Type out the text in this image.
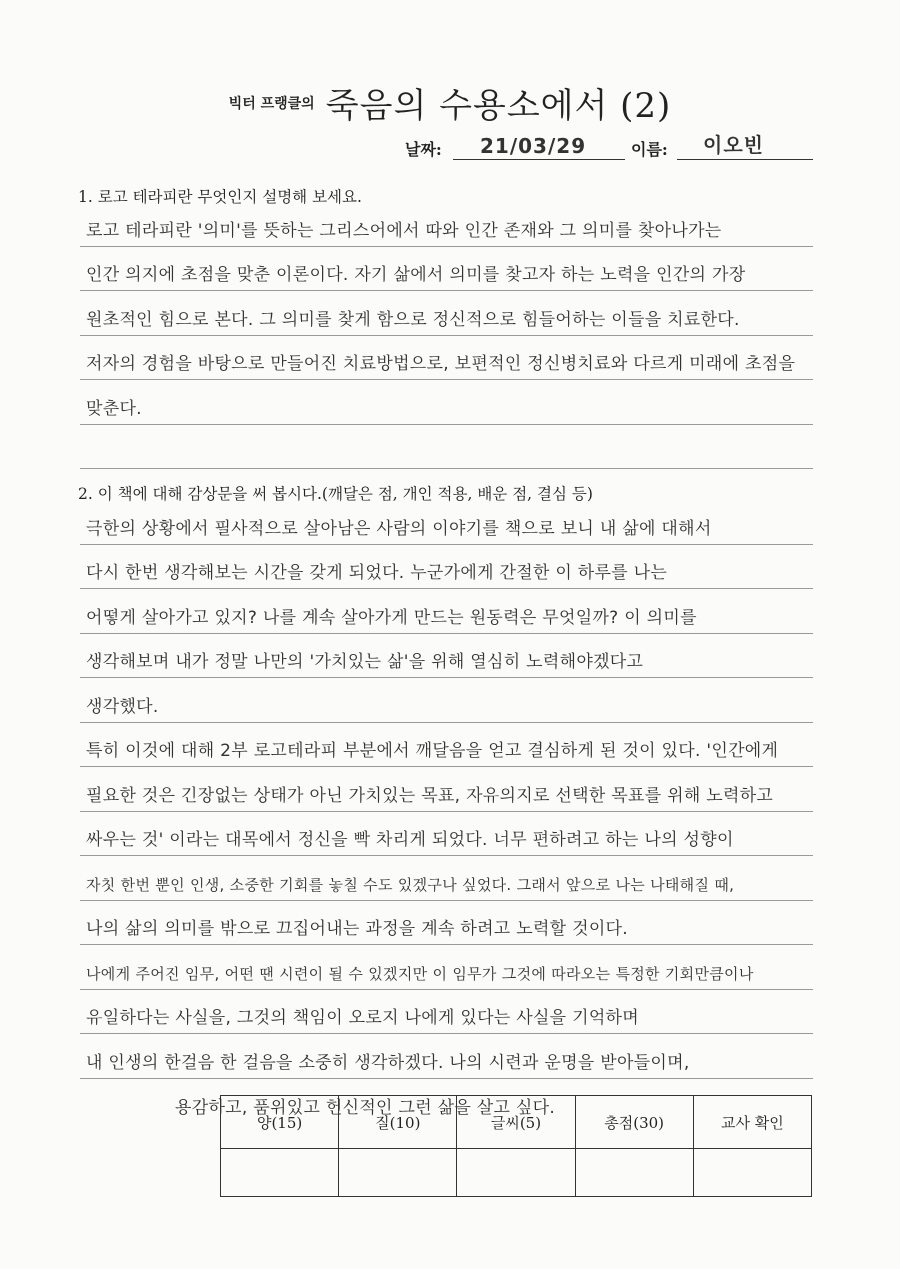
빅터 프랭클의 죽음의 수용소에서 (2)
날짜: 21/03/29	이름: 이오빈
1. 로고 테라피란 무엇인지 설명해 보세요.
로고 테라피란 '의미'를 뜻하는 그리스어에서 따와 인간 존재와 그 의미를 찾아나가는
인간 의지에 초점을 맞춘 이론이다. 자기 삶에서 의미를 찾고자 하는 노력을 인간의 가장
원초적인 힘으로 본다. 그 의미를 찾게 함으로 정신적으로 힘들어하는 이들을 치료한다.
저자의 경험을 바탕으로 만들어진 치료방법으로, 보편적인 정신병치료와 다르게 미래에 초점을
맞춘다.
2. 이 책에 대해 감상문을 써 봅시다.(깨달은 점, 개인 적용, 배운 점, 결심 등)
극한의 상황에서 필사적으로 살아남은 사람의 이야기를 책으로 보니 내 삶에 대해서
다시 한번 생각해보는 시간을 갖게 되었다. 누군가에게 간절한 이 하루를 나는
어떻게 살아가고 있지? 나를 계속 살아가게 만드는 원동력은 무엇일까? 이 의미를
생각해보며 내가 정말 나만의 '가치있는 삶'을 위해 열심히 노력해야겠다고
생각했다.
특히 이것에 대해 2부 로고테라피 부분에서 깨달음을 얻고 결심하게 된 것이 있다. '인간에게
필요한 것은 긴장없는 상태가 아닌 가치있는 목표, 자유의지로 선택한 목표를 위해 노력하고
싸우는 것' 이라는 대목에서 정신을 빡 차리게 되었다. 너무 편하려고 하는 나의 성향이
자칫 한번 뿐인 인생, 소중한 기회를 놓칠 수도 있겠구나 싶었다. 그래서 앞으로 나는 나태해질 때,
나의 삶의 의미를 밖으로 끄집어내는 과정을 계속 하려고 노력할 것이다.
나에게 주어진 임무, 어떤 땐 시련이 될 수 있겠지만 이 임무가 그것에 따라오는 특정한 기회만큼이나
유일하다는 사실을, 그것의 책임이 오로지 나에게 있다는 사실을 기억하며
내 인생의 한걸음 한 걸음을 소중히 생각하겠다. 나의 시련과 운명을 받아들이며,
용감하고, 품위있고 헌신적인 그런 삶을 살고 싶다.
양(15)	질(10)	글씨(5)	총점(30)	교사 확인
